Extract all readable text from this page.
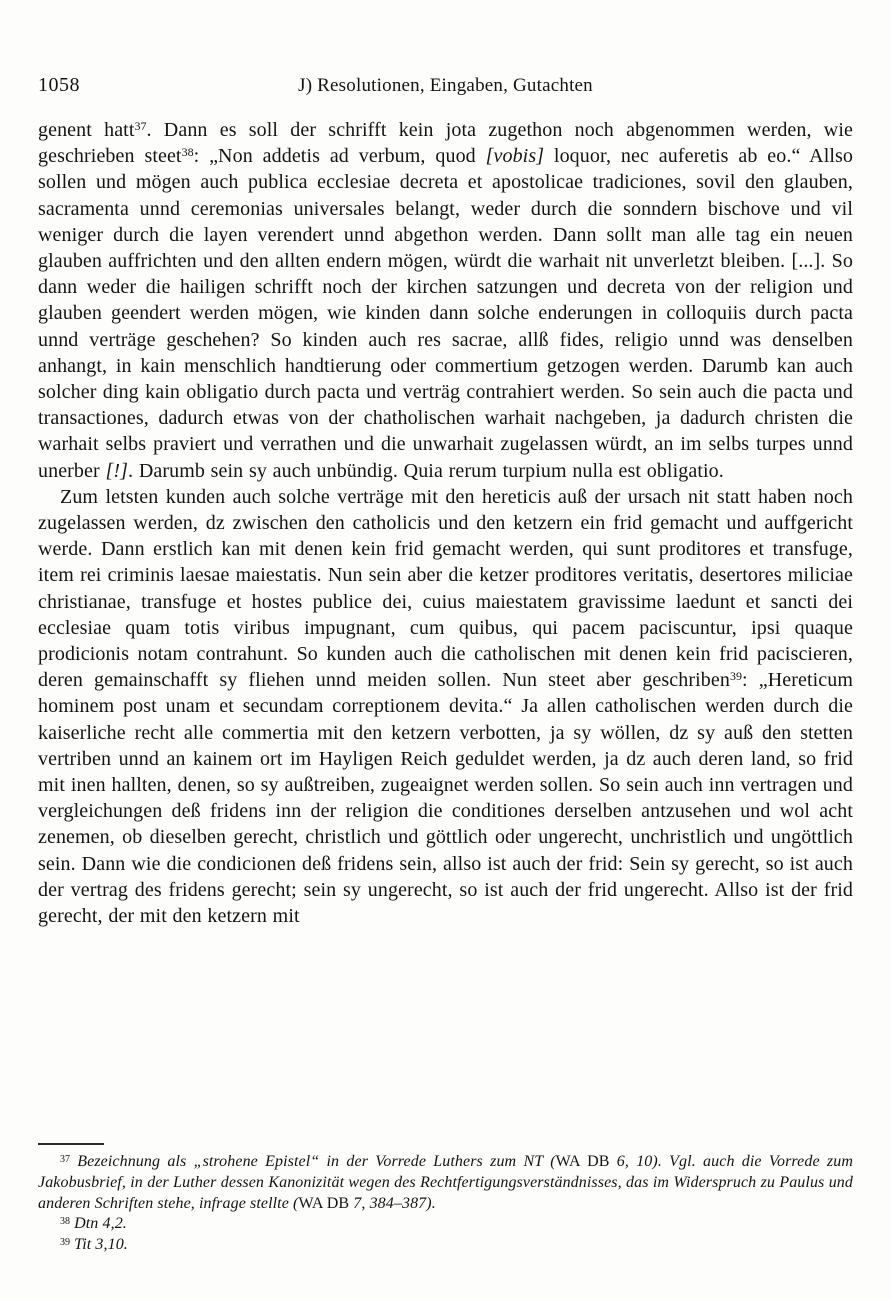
1058	J) Resolutionen, Eingaben, Gutachten

genent hatt$^{37}$. Dann es soll der schrifft kein jota zugethon noch abgenommen werden, wie geschrieben steet$^{38}$: „Non addetis ad verbum, quod [vobis] loquor, nec auferetis ab eo.“ Allso sollen und mögen auch publica ecclesiae decreta et apostolicae tradiciones, sovil den glauben, sacramenta unnd ceremonias universales belangt, weder durch die sonndern bischove und vil weniger durch die layen verendert unnd abgethon werden. Dann sollt man alle tag ein neuen glauben auffrichten und den allten endern mögen, würdt die warhait nit unverletzt bleiben. [...]. So dann weder die hailigen schrifft noch der kirchen satzungen und decreta von der religion und glauben geendert werden mögen, wie kinden dann solche enderungen in colloquiis durch pacta unnd verträge geschehen? So kinden auch res sacrae, allß fides, religio unnd was denselben anhangt, in kain menschlich handtierung oder commertium getzogen werden. Darumb kan auch solcher ding kain obligatio durch pacta und verträg contrahiert werden. So sein auch die pacta und transactiones, dadurch etwas von der chatholischen warhait nachgeben, ja dadurch christen die warhait selbs praviert und verrathen und die unwarhait zugelassen würdt, an im selbs turpes unnd unerber [!]. Darumb sein sy auch unbündig. Quia rerum turpium nulla est obligatio.

Zum letsten kunden auch solche verträge mit den hereticis auß der ursach nit statt haben noch zugelassen werden, dz zwischen den catholicis und den ketzern ein frid gemacht und auffgericht werde. Dann erstlich kan mit denen kein frid gemacht werden, qui sunt proditores et transfuge, item rei criminis laesae maiestatis. Nun sein aber die ketzer proditores veritatis, desertores miliciae christianae, transfuge et hostes publice dei, cuius maiestatem gravissime laedunt et sancti dei ecclesiae quam totis viribus impugnant, cum quibus, qui pacem paciscuntur, ipsi quaque prodicionis notam contrahunt. So kunden auch die catholischen mit denen kein frid paciscieren, deren gemainschafft sy fliehen unnd meiden sollen. Nun steet aber geschriben$^{39}$: „Hereticum hominem post unam et secundam correptionem devita.“ Ja allen catholischen werden durch die kaiserliche recht alle commertia mit den ketzern verbotten, ja sy wöllen, dz sy auß den stetten vertriben unnd an kainem ort im Hayligen Reich geduldet werden, ja dz auch deren land, so frid mit inen hallten, denen, so sy außtreiben, zugeaignet werden sollen. So sein auch inn vertragen und vergleichungen deß fridens inn der religion die conditiones derselben antzusehen und wol acht zenemen, ob dieselben gerecht, christlich und göttlich oder ungerecht, unchristlich und ungöttlich sein. Dann wie die condicionen deß fridens sein, allso ist auch der frid: Sein sy gerecht, so ist auch der vertrag des fridens gerecht; sein sy ungerecht, so ist auch der frid ungerecht. Allso ist der frid gerecht, der mit den ketzern mit

$^{37}$ Bezeichnung als „strohene Epistel“ in der Vorrede Luthers zum NT (WA DB 6, 10). Vgl. auch die Vorrede zum Jakobusbrief, in der Luther dessen Kanonizität wegen des Rechtfertigungsverständnisses, das im Widerspruch zu Paulus und anderen Schriften stehe, infrage stellte (WA DB 7, 384–387).

$^{38}$ Dtn 4,2.

$^{39}$ Tit 3,10.
